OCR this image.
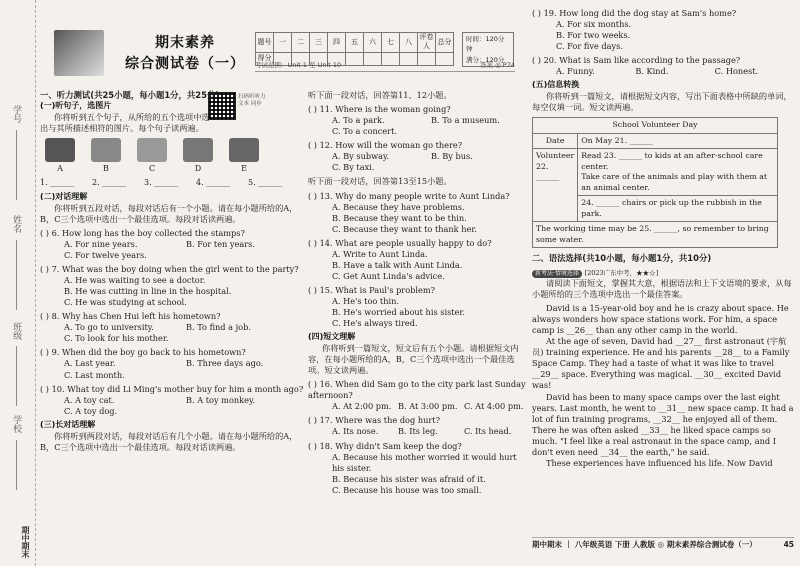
学号
姓名
班级
学校
期中期末
期末素养
综合测试卷（一）
题号	一	二	三	四	五	六	七	八	评卷人	总分
得分										
时间：120分钟
满分：120分
考试范围：Unit 1 至 Unit 10	答案 ◎ P74
扫码听听力 文本 同步
一、听力测试(共25小题，每小题1分，共25分)
(一)听句子，选图片
你将听到五个句子，从所给的五个选项中选出与其所描述相符的图片。每个句子读两遍。
A	B	C	D	E
1. ______	2. ______	3. ______	4. ______	5. ______
(二)对话理解
你将听到五段对话，每段对话后有一个小题。请在每小题所给的A，B，C三个选项中选出一个最佳选项。每段对话读两遍。
( ) 6. How long has the boy collected the stamps?
A. For nine years.	B. For ten years.
C. For twelve years.
( ) 7. What was the boy doing when the girl went to the party?
A. He was waiting to see a doctor.
B. He was cutting in line in the hospital.
C. He was studying at school.
( ) 8. Why has Chen Hui left his hometown?
A. To go to university.	B. To find a job.
C. To look for his mother.
( ) 9. When did the boy go back to his hometown?
A. Last year.	B. Three days ago.
C. Last month.
( ) 10. What toy did Li Ming's mother buy for him a month ago?
A. A toy cat.	B. A toy monkey.
C. A toy dog.
(三)长对话理解
你将听到两段对话，每段对话后有几个小题。请在每小题所给的A，B，C三个选项中选出一个最佳选项。每段对话读两遍。
听下面一段对话，回答第11、12小题。
( ) 11. Where is the woman going?
A. To a park.	B. To a museum.
C. To a concert.
( ) 12. How will the woman go there?
A. By subway.	B. By bus.
C. By taxi.
听下面一段对话，回答第13至15小题。
( ) 13. Why do many people write to Aunt Linda?
A. Because they have problems.
B. Because they want to be thin.
C. Because they want to thank her.
( ) 14. What are people usually happy to do?
A. Write to Aunt Linda.
B. Have a talk with Aunt Linda.
C. Get Aunt Linda's advice.
( ) 15. What is Paul's problem?
A. He's too thin.
B. He's worried about his sister.
C. He's always tired.
(四)短文理解
你将听到一篇短文，短文后有五个小题。请根据短文内容，在每小题所给的A，B，C三个选项中选出一个最佳选项。短文读两遍。
( ) 16. When did Sam go to the city park last Sunday afternoon?
A. At 2:00 pm. B. At 3:00 pm. C. At 4:00 pm.
( ) 17. Where was the dog hurt?
A. Its nose.	B. Its leg.	C. Its head.
( ) 18. Why didn't Sam keep the dog?
A. Because his mother worried it would hurt his sister.
B. Because his sister was afraid of it.
C. Because his house was too small.
( ) 19. How long did the dog stay at Sam's home?
A. For six months.
B. For two weeks.
C. For five days.
( ) 20. What is Sam like according to the passage?
A. Funny.	B. Kind.	C. Honest.
(五)信息转换
你将听到一篇短文，请根据短文内容，写出下面表格中所缺的单词，每空仅填一词。短文读两遍。
School Volunteer Day	
Date	On May 21. ______
Volunteer 22. ______	Read 23. ______ to kids at an after-school care center.
Take care of the animals and play with them at an animal center.

	24. ______ chairs or pick up the rubbish in the park.
The working time may be 25. ______, so remember to bring some water.	
二、语法选择(共10小题，每小题1分，共10分)
新考法·情境选择 [2023广东中考，★★☆]
请阅读下面短文，掌握其大意，根据语法和上下文语境的要求，从每小题所给的三个选项中选出一个最佳答案。
David is a 15-year-old boy and he is crazy about space. He always wonders how space stations work. For him, a space camp is __26__ than any other camp in the world.
At the age of seven, David had __27__ first astronaut (宇航员) training experience. He and his parents __28__ to a Family Space Camp. They had a taste of what it was like to travel __29__ space. Everything was magical. __30__ excited David was!
David has been to many space camps over the last eight years. Last month, he went to __31__ new space camp. It had a lot of fun training programs, __32__ he enjoyed all of them. There he was often asked __33__ he liked space camps so much. "I feel like a real astronaut in the space camp, and I don't even need __34__ the earth," he said.
These experiences have influenced his life. Now David
期中期末 ｜ 八年级英语 下册 人教版 ◎ 期末素养综合测试卷（一）	45
